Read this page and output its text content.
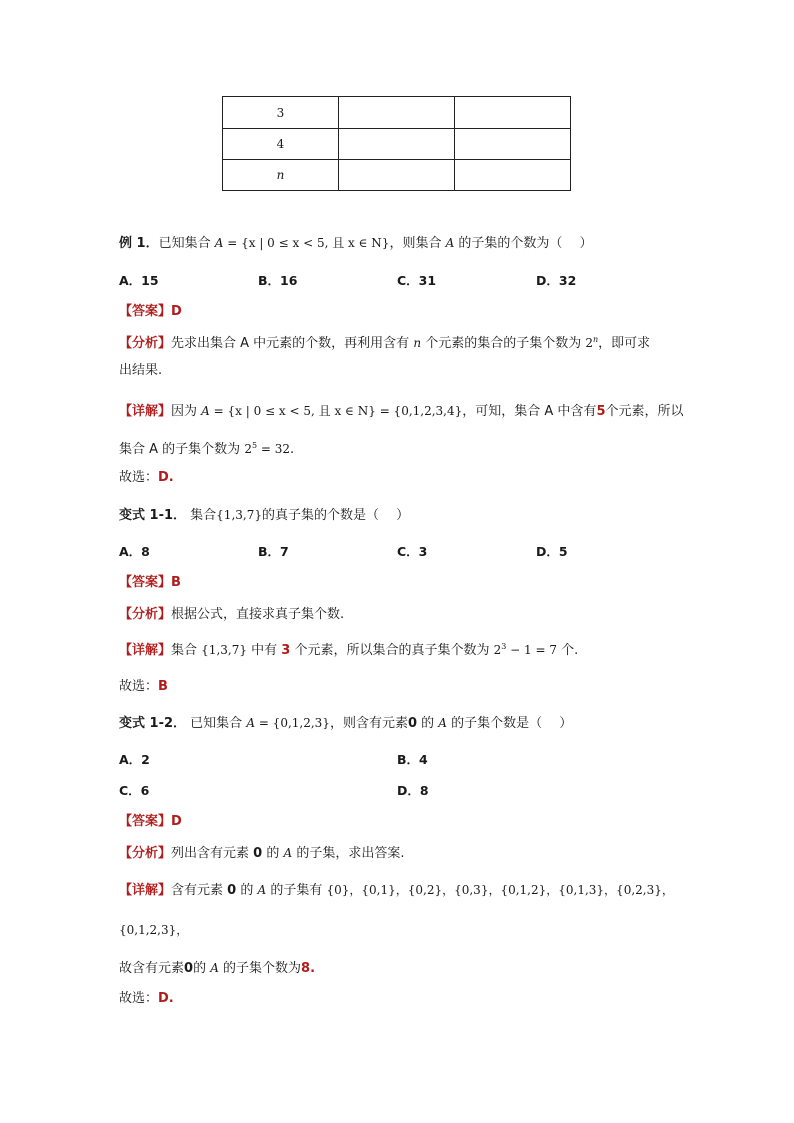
3		
4		
n		
例 1．已知集合 A = {x | 0 ≤ x < 5, 且 x ∈ N}，则集合 A 的子集的个数为（　 ）
A．15	B．16	C．31	D．32
【答案】D
【分析】先求出集合 A 中元素的个数，再利用含有 n 个元素的集合的子集个数为 2$^n$，即可求
出结果.
【详解】因为 A = {x | 0 ≤ x < 5, 且 x ∈ N} = {0,1,2,3,4}，可知，集合 A 中含有5个元素，所以
集合 A 的子集个数为 $2^5 = 32$.
故选：D.
变式 1-1． 集合{1,3,7}的真子集的个数是（　 ）
A．8	B．7	C．3	D．5
【答案】B
【分析】根据公式，直接求真子集个数.
【详解】集合 {1,3,7} 中有 3 个元素，所以集合的真子集个数为 $2^3 - 1 = 7$ 个.
故选：B
变式 1-2． 已知集合 A = {0,1,2,3}，则含有元素0 的 A 的子集个数是（　 ）
A．2	B．4
C．6	D．8
【答案】D
【分析】列出含有元素 0 的 A 的子集，求出答案.
【详解】含有元素 0 的 A 的子集有 {0}，{0,1}，{0,2}，{0,3}，{0,1,2}，{0,1,3}，{0,2,3}，
{0,1,2,3}，
故含有元素0的 A 的子集个数为8.
故选：D.
